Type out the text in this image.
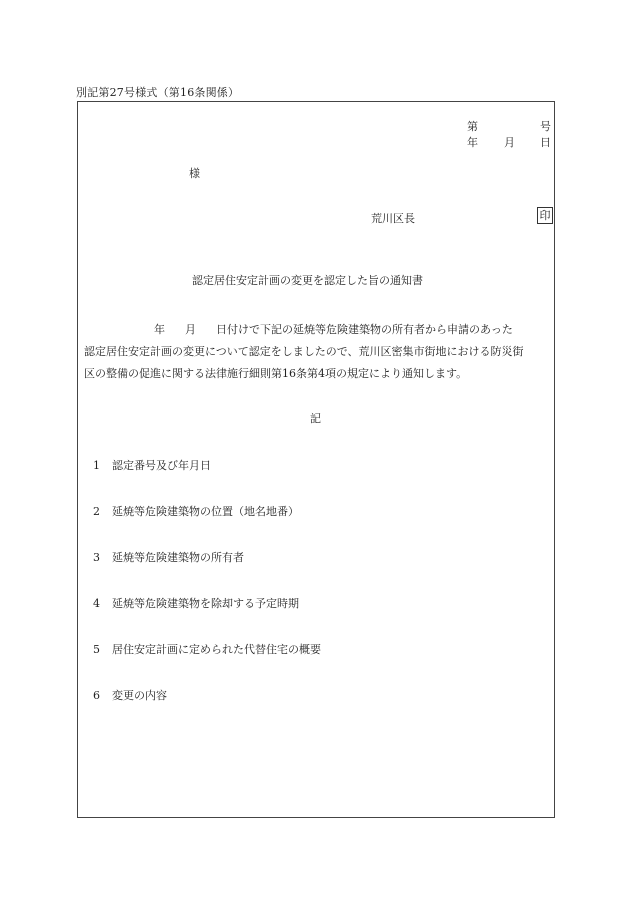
別記第27号様式（第16条関係）
第	号
年 月 日
様
荒川区長	印
認定居住安定計画の変更を認定した旨の通知書
年 月 日付けで下記の延焼等危険建築物の所有者から申請のあった
認定居住安定計画の変更について認定をしましたので、荒川区密集市街地における防災街
区の整備の促進に関する法律施行細則第16条第4項の規定により通知します。
記
1 認定番号及び年月日
2 延焼等危険建築物の位置（地名地番）
3 延焼等危険建築物の所有者
4 延焼等危険建築物を除却する予定時期
5 居住安定計画に定められた代替住宅の概要
6 変更の内容
